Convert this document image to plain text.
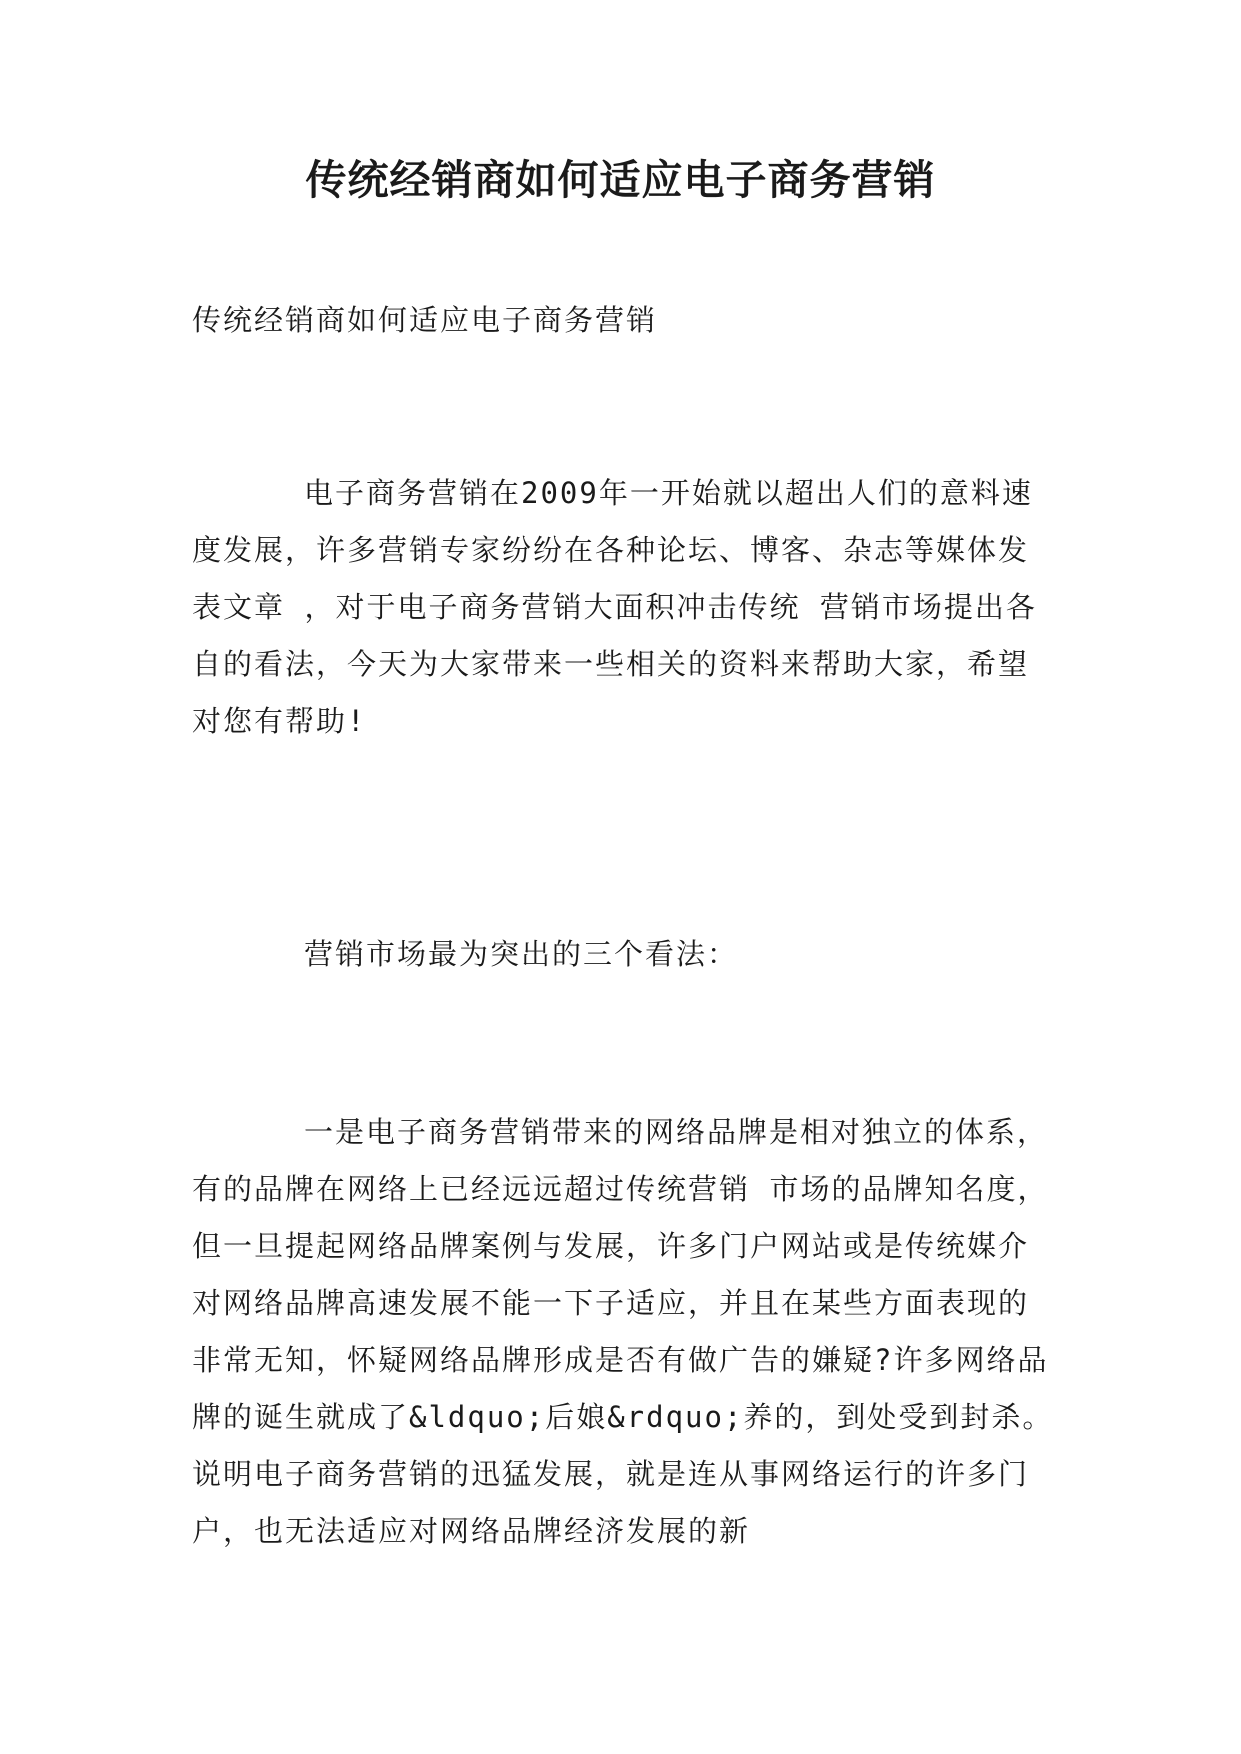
传统经销商如何适应电子商务营销

传统经销商如何适应电子商务营销

电子商务营销在2009年一开始就以超出人们的意料速度发展，许多营销专家纷纷在各种论坛、博客、杂志等媒体发表文章 ，对于电子商务营销大面积冲击传统 营销市场提出各自的看法，今天为大家带来一些相关的资料来帮助大家，希望对您有帮助!

营销市场最为突出的三个看法：

一是电子商务营销带来的网络品牌是相对独立的体系，有的品牌在网络上已经远远超过传统营销 市场的品牌知名度，但一旦提起网络品牌案例与发展，许多门户网站或是传统媒介对网络品牌高速发展不能一下子适应，并且在某些方面表现的非常无知，怀疑网络品牌形成是否有做广告的嫌疑?许多网络品牌的诞生就成了&ldquo;后娘&rdquo;养的，到处受到封杀。说明电子商务营销的迅猛发展，就是连从事网络运行的许多门户，也无法适应对网络品牌经济发展的新
